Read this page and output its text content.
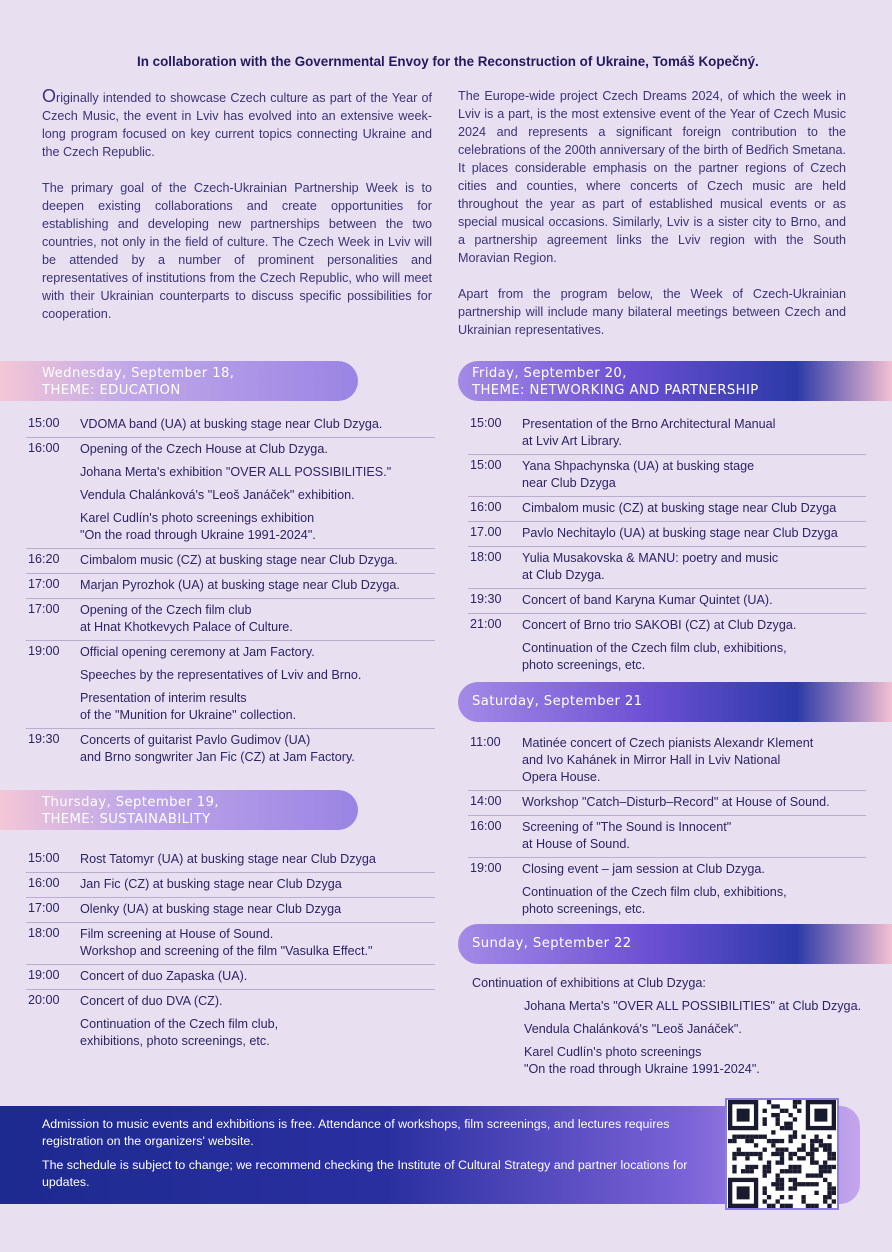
In collaboration with the Governmental Envoy for the Reconstruction of Ukraine, Tomáš Kopečný.

Originally intended to showcase Czech culture as part of the Year of Czech Music, the event in Lviv has evolved into an extensive week-long program focused on key current topics connecting Ukraine and the Czech Republic.

The primary goal of the Czech-Ukrainian Partnership Week is to deepen existing collaborations and create opportunities for establishing and developing new partnerships between the two countries, not only in the field of culture. The Czech Week in Lviv will be attended by a number of prominent personalities and representatives of institutions from the Czech Republic, who will meet with their Ukrainian counterparts to discuss specific possibilities for cooperation.

The Europe-wide project Czech Dreams 2024, of which the week in Lviv is a part, is the most extensive event of the Year of Czech Music 2024 and represents a significant foreign contribution to the celebrations of the 200th anniversary of the birth of Bedřich Smetana. It places considerable emphasis on the partner regions of Czech cities and counties, where concerts of Czech music are held throughout the year as part of established musical events or as special musical occasions. Similarly, Lviv is a sister city to Brno, and a partnership agreement links the Lviv region with the South Moravian Region.

Apart from the program below, the Week of Czech-Ukrainian partnership will include many bilateral meetings between Czech and Ukrainian representatives.

Wednesday, September 18,
THEME: EDUCATION
15:00	VDOMA band (UA) at busking stage near Club Dzyga.
16:00	Opening of the Czech House at Club Dzyga.
Johana Merta's exhibition "OVER ALL POSSIBILITIES."
Vendula Chalánková's "Leoš Janáček" exhibition.
Karel Cudlín's photo screenings exhibition
"On the road through Ukraine 1991-2024".
16:20	Cimbalom music (CZ) at busking stage near Club Dzyga.
17:00	Marjan Pyrozhok (UA) at busking stage near Club Dzyga.
17:00	Opening of the Czech film club
at Hnat Khotkevych Palace of Culture.
19:00	Official opening ceremony at Jam Factory.
Speeches by the representatives of Lviv and Brno.
Presentation of interim results
of the "Munition for Ukraine" collection.
19:30	Concerts of guitarist Pavlo Gudimov (UA)
and Brno songwriter Jan Fic (CZ) at Jam Factory.
Thursday, September 19,
THEME: SUSTAINABILITY
15:00	Rost Tatomyr (UA) at busking stage near Club Dzyga
16:00	Jan Fic (CZ) at busking stage near Club Dzyga
17:00	Olenky (UA) at busking stage near Club Dzyga
18:00	Film screening at House of Sound.
Workshop and screening of the film "Vasulka Effect."
19:00	Concert of duo Zapaska (UA).
20:00	Concert of duo DVA (CZ).
Continuation of the Czech film club,
exhibitions, photo screenings, etc.
Friday, September 20,
THEME: NETWORKING AND PARTNERSHIP
15:00	Presentation of the Brno Architectural Manual
at Lviv Art Library.
15:00	Yana Shpachynska (UA) at busking stage
near Club Dzyga
16:00	Cimbalom music (CZ) at busking stage near Club Dzyga
17.00	Pavlo Nechitaylo (UA) at busking stage near Club Dzyga
18:00	Yulia Musakovska & MANU: poetry and music
at Club Dzyga.
19:30	Concert of band Karyna Kumar Quintet (UA).
21:00	Concert of Brno trio SAKOBI (CZ) at Club Dzyga.
Continuation of the Czech film club, exhibitions,
photo screenings, etc.
Saturday, September 21
11:00	Matinée concert of Czech pianists Alexandr Klement
and Ivo Kahánek in Mirror Hall in Lviv National
Opera House.
14:00	Workshop "Catch–Disturb–Record" at House of Sound.
16:00	Screening of "The Sound is Innocent"
at House of Sound.
19:00	Closing event – jam session at Club Dzyga.
Continuation of the Czech film club, exhibitions,
photo screenings, etc.
Sunday, September 22
Continuation of exhibitions at Club Dzyga:
Johana Merta's "OVER ALL POSSIBILITIES" at Club Dzyga.
Vendula Chalánková's "Leoš Janáček".
Karel Cudlín's photo screenings
"On the road through Ukraine 1991-2024".
Admission to music events and exhibitions is free. Attendance of workshops, film screenings, and lectures requires registration on the organizers' website.
The schedule is subject to change; we recommend checking the Institute of Cultural Strategy and partner locations for updates.
